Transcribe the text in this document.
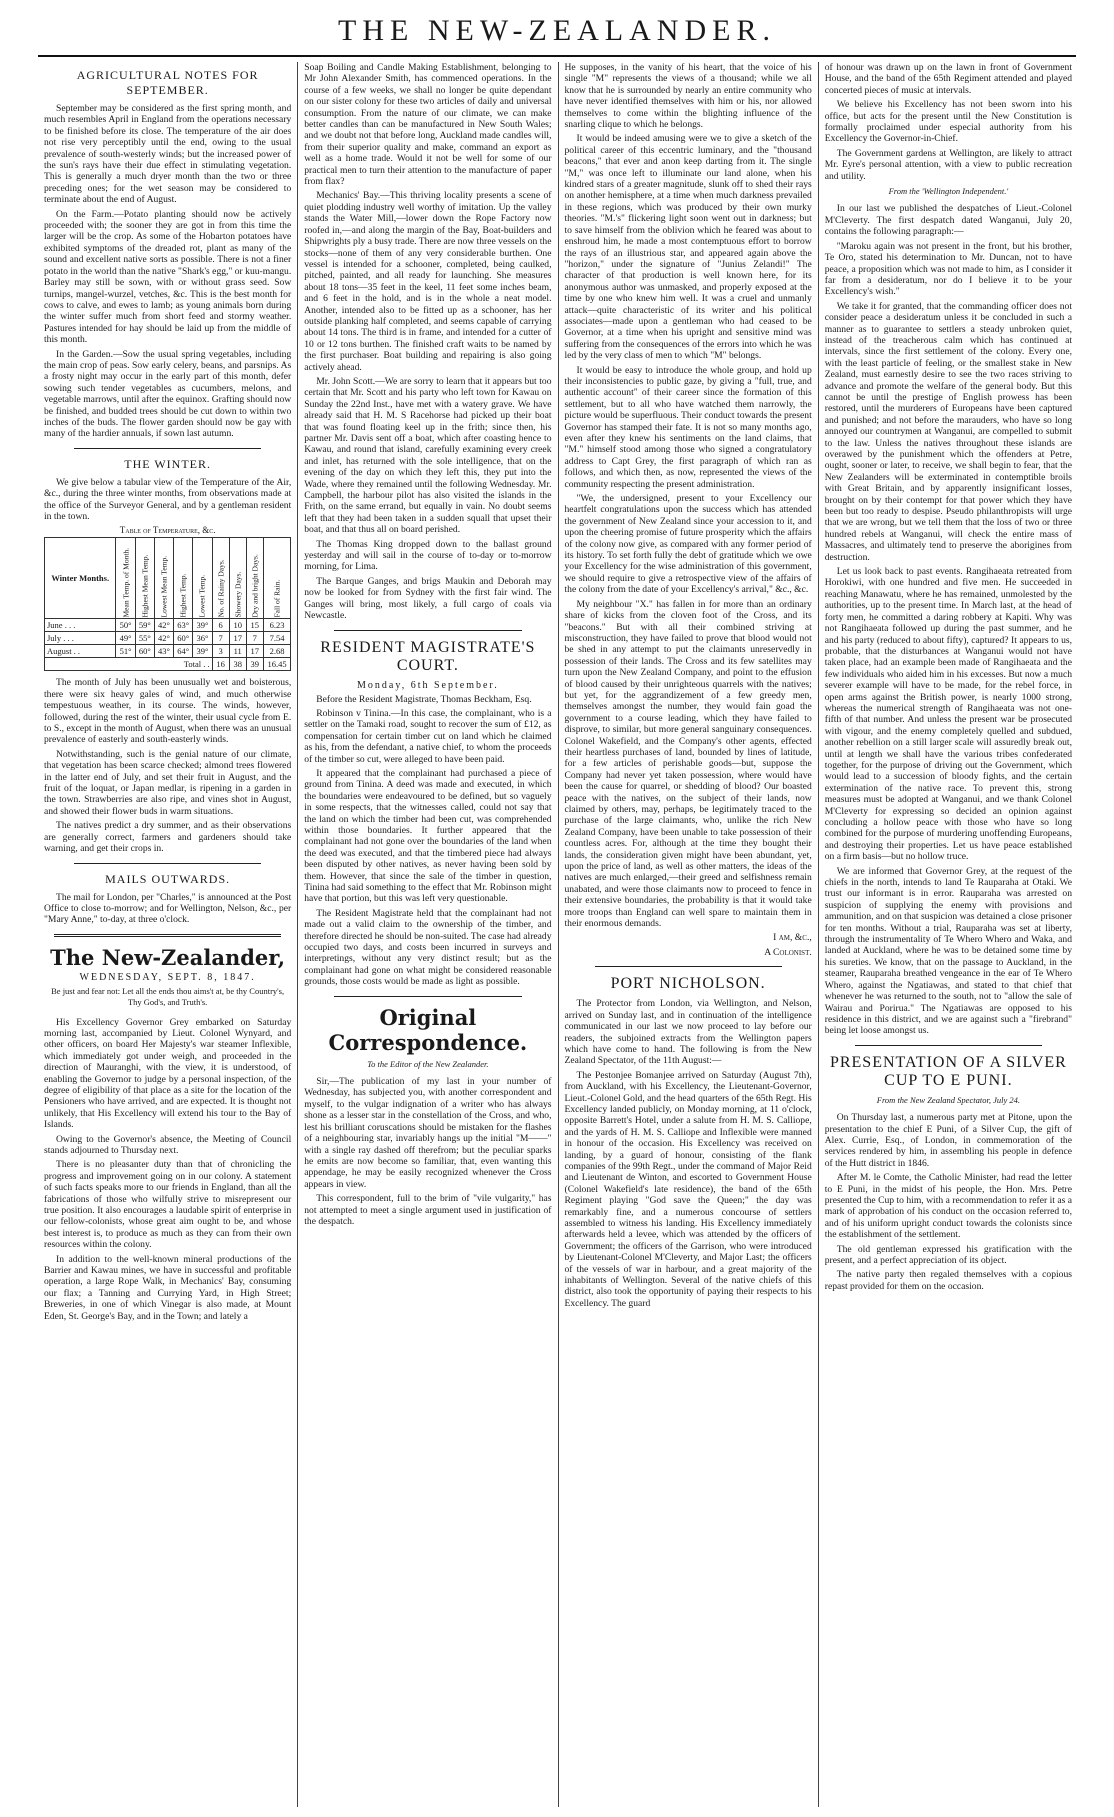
THE NEW-ZEALANDER.
AGRICULTURAL NOTES FOR SEPTEMBER.

September may be considered as the first spring month, and much resembles April in England from the operations necessary to be finished before its close. The temperature of the air does not rise very perceptibly until the end, owing to the usual prevalence of south-westerly winds; but the increased power of the sun's rays have their due effect in stimulating vegetation. This is generally a much dryer month than the two or three preceding ones; for the wet season may be considered to terminate about the end of August.

On the Farm.—Potato planting should now be actively proceeded with; the sooner they are got in from this time the larger will be the crop. As some of the Hobarton potatoes have exhibited symptoms of the dreaded rot, plant as many of the sound and excellent native sorts as possible. There is not a finer potato in the world than the native "Shark's egg," or kuu-mangu. Barley may still be sown, with or without grass seed. Sow turnips, mangel-wurzel, vetches, &c. This is the best month for cows to calve, and ewes to lamb; as young animals born during the winter suffer much from short feed and stormy weather. Pastures intended for hay should be laid up from the middle of this month.

In the Garden.—Sow the usual spring vegetables, including the main crop of peas. Sow early celery, beans, and parsnips. As a frosty night may occur in the early part of this month, defer sowing such tender vegetables as cucumbers, melons, and vegetable marrows, until after the equinox. Grafting should now be finished, and budded trees should be cut down to within two inches of the buds. The flower garden should now be gay with many of the hardier annuals, if sown last autumn.

THE WINTER.

We give below a tabular view of the Temperature of the Air, &c., during the three winter months, from observations made at the office of the Surveyor General, and by a gentleman resident in the town.

Table of Temperature, &c.
Winter Months.	Mean Temp. of Month.	Highest Mean Temp.	Lowest Mean Temp.	Highest Temp.	Lowest Temp.	No. of Rainy Days.	Showery Days.	Dry and bright Days.	Fall of Rain.
June . . .	50°	59°	42°	63°	39°	6	10	15	6.23
July . . .	49°	55°	42°	60°	36°	7	17	7	7.54
August . .	51°	60°	43°	64°	39°	3	11	17	2.68
Total . .						16	38	39	16.45

The month of July has been unusually wet and boisterous, there were six heavy gales of wind, and much otherwise tempestuous weather, in its course. The winds, however, followed, during the rest of the winter, their usual cycle from E. to S., except in the month of August, when there was an unusual prevalence of easterly and south-easterly winds.

Notwithstanding, such is the genial nature of our climate, that vegetation has been scarce checked; almond trees flowered in the latter end of July, and set their fruit in August, and the fruit of the loquat, or Japan medlar, is ripening in a garden in the town. Strawberries are also ripe, and vines shot in August, and showed their flower buds in warm situations.

The natives predict a dry summer, and as their observations are generally correct, farmers and gardeners should take warning, and get their crops in.

MAILS OUTWARDS.

The mail for London, per "Charles," is announced at the Post Office to close to-morrow; and for Wellington, Nelson, &c., per "Mary Anne," to-day, at three o'clock.

The New-Zealander,
WEDNESDAY, SEPT. 8, 1847.

Be just and fear not: Let all the ends thou aims't at, be thy Country's, Thy God's, and Truth's.

His Excellency Governor Grey embarked on Saturday morning last, accompanied by Lieut. Colonel Wynyard, and other officers, on board Her Majesty's war steamer Inflexible, which immediately got under weigh, and proceeded in the direction of Mauranghi, with the view, it is understood, of enabling the Governor to judge by a personal inspection, of the degree of eligibility of that place as a site for the location of the Pensioners who have arrived, and are expected. It is thought not unlikely, that His Excellency will extend his tour to the Bay of Islands.

Owing to the Governor's absence, the Meeting of Council stands adjourned to Thursday next.

There is no pleasanter duty than that of chronicling the progress and improvement going on in our colony. A statement of such facts speaks more to our friends in England, than all the fabrications of those who wilfully strive to misrepresent our true position. It also encourages a laudable spirit of enterprise in our fellow-colonists, whose great aim ought to be, and whose best interest is, to produce as much as they can from their own resources within the colony.

In addition to the well-known mineral productions of the Barrier and Kawau mines, we have in successful and profitable operation, a large Rope Walk, in Mechanics' Bay, consuming our flax; a Tanning and Currying Yard, in High Street; Breweries, in one of which Vinegar is also made, at Mount Eden, St. George's Bay, and in the Town; and lately a

Soap Boiling and Candle Making Establishment, belonging to Mr John Alexander Smith, has commenced operations. In the course of a few weeks, we shall no longer be quite dependant on our sister colony for these two articles of daily and universal consumption. From the nature of our climate, we can make better candles than can be manufactured in New South Wales; and we doubt not that before long, Auckland made candles will, from their superior quality and make, command an export as well as a home trade. Would it not be well for some of our practical men to turn their attention to the manufacture of paper from flax?

Mechanics' Bay.—This thriving locality presents a scene of quiet plodding industry well worthy of imitation. Up the valley stands the Water Mill,—lower down the Rope Factory now roofed in,—and along the margin of the Bay, Boat-builders and Shipwrights ply a busy trade. There are now three vessels on the stocks—none of them of any very considerable burthen. One vessel is intended for a schooner, completed, being caulked, pitched, painted, and all ready for launching. She measures about 18 tons—35 feet in the keel, 11 feet some inches beam, and 6 feet in the hold, and is in the whole a neat model. Another, intended also to be fitted up as a schooner, has her outside planking half completed, and seems capable of carrying about 14 tons. The third is in frame, and intended for a cutter of 10 or 12 tons burthen. The finished craft waits to be named by the first purchaser. Boat building and repairing is also going actively ahead.

Mr. John Scott.—We are sorry to learn that it appears but too certain that Mr. Scott and his party who left town for Kawau on Sunday the 22nd Inst., have met with a watery grave. We have already said that H. M. S Racehorse had picked up their boat that was found floating keel up in the frith; since then, his partner Mr. Davis sent off a boat, which after coasting hence to Kawau, and round that island, carefully examining every creek and inlet, has returned with the sole intelligence, that on the evening of the day on which they left this, they put into the Wade, where they remained until the following Wednesday. Mr. Campbell, the harbour pilot has also visited the islands in the Frith, on the same errand, but equally in vain. No doubt seems left that they had been taken in a sudden squall that upset their boat, and that thus all on board perished.

The Thomas King dropped down to the ballast ground yesterday and will sail in the course of to-day or to-morrow morning, for Lima.

The Barque Ganges, and brigs Maukin and Deborah may now be looked for from Sydney with the first fair wind. The Ganges will bring, most likely, a full cargo of coals via Newcastle.

RESIDENT MAGISTRATE'S COURT.
Monday, 6th September.

Before the Resident Magistrate, Thomas Beckham, Esq.

Robinson v Tinina.—In this case, the complainant, who is a settler on the Tamaki road, sought to recover the sum of £12, as compensation for certain timber cut on land which he claimed as his, from the defendant, a native chief, to whom the proceeds of the timber so cut, were alleged to have been paid.

It appeared that the complainant had purchased a piece of ground from Tinina. A deed was made and executed, in which the boundaries were endeavoured to be defined, but so vaguely in some respects, that the witnesses called, could not say that the land on which the timber had been cut, was comprehended within those boundaries. It further appeared that the complainant had not gone over the boundaries of the land when the deed was executed, and that the timbered piece had always been disputed by other natives, as never having been sold by them. However, that since the sale of the timber in question, Tinina had said something to the effect that Mr. Robinson might have that portion, but this was left very questionable.

The Resident Magistrate held that the complainant had not made out a valid claim to the ownership of the timber, and therefore directed he should be non-suited. The case had already occupied two days, and costs been incurred in surveys and interpretings, without any very distinct result; but as the complainant had gone on what might be considered reasonable grounds, those costs would be made as light as possible.

Original Correspondence.

To the Editor of the New Zealander.

Sir,—The publication of my last in your number of Wednesday, has subjected you, with another correspondent and myself, to the vulgar indignation of a writer who has always shone as a lesser star in the constellation of the Cross, and who, lest his brilliant coruscations should be mistaken for the flashes of a neighbouring star, invariably hangs up the initial "M——" with a single ray dashed off therefrom; but the peculiar sparks he emits are now become so familiar, that, even wanting this appendage, he may be easily recognized whenever the Cross appears in view.

This correspondent, full to the brim of "vile vulgarity," has not attempted to meet a single argument used in justification of the despatch.

He supposes, in the vanity of his heart, that the voice of his single "M" represents the views of a thousand; while we all know that he is surrounded by nearly an entire community who have never identified themselves with him or his, nor allowed themselves to come within the blighting influence of the snarling clique to which he belongs.

It would be indeed amusing were we to give a sketch of the political career of this eccentric luminary, and the "thousand beacons," that ever and anon keep darting from it. The single "M," was once left to illuminate our land alone, when his kindred stars of a greater magnitude, slunk off to shed their rays on another hemisphere, at a time when much darkness prevailed in these regions, which was produced by their own murky theories. "M.'s" flickering light soon went out in darkness; but to save himself from the oblivion which he feared was about to enshroud him, he made a most contemptuous effort to borrow the rays of an illustrious star, and appeared again above the "horizon," under the signature of "Junius Zelandi!" The character of that production is well known here, for its anonymous author was unmasked, and properly exposed at the time by one who knew him well. It was a cruel and unmanly attack—quite characteristic of its writer and his political associates—made upon a gentleman who had ceased to be Governor, at a time when his upright and sensitive mind was suffering from the consequences of the errors into which he was led by the very class of men to which "M" belongs.

It would be easy to introduce the whole group, and hold up their inconsistencies to public gaze, by giving a "full, true, and authentic account" of their career since the formation of this settlement, but to all who have watched them narrowly, the picture would be superfluous. Their conduct towards the present Governor has stamped their fate. It is not so many months ago, even after they knew his sentiments on the land claims, that "M." himself stood among those who signed a congratulatory address to Capt Grey, the first paragraph of which ran as follows, and which then, as now, represented the views of the community respecting the present administration.

"We, the undersigned, present to your Excellency our heartfelt congratulations upon the success which has attended the government of New Zealand since your accession to it, and upon the cheering promise of future prosperity which the affairs of the colony now give, as compared with any former period of its history. To set forth fully the debt of gratitude which we owe your Excellency for the wise administration of this government, we should require to give a retrospective view of the affairs of the colony from the date of your Excellency's arrival," &c., &c.

My neighbour "X." has fallen in for more than an ordinary share of kicks from the cloven foot of the Cross, and its "beacons." But with all their combined striving at misconstruction, they have failed to prove that blood would not be shed in any attempt to put the claimants unreservedly in possession of their lands. The Cross and its few satellites may turn upon the New Zealand Company, and point to the effusion of blood caused by their unrighteous quarrels with the natives; but yet, for the aggrandizement of a few greedy men, themselves amongst the number, they would fain goad the government to a course leading, which they have failed to disprove, to similar, but more general sanguinary consequences. Colonel Wakefield, and the Company's other agents, effected their heartless purchases of land, bounded by lines of latitude, for a few articles of perishable goods—but, suppose the Company had never yet taken possession, where would have been the cause for quarrel, or shedding of blood? Our boasted peace with the natives, on the subject of their lands, now claimed by others, may, perhaps, be legitimately traced to the purchase of the large claimants, who, unlike the rich New Zealand Company, have been unable to take possession of their countless acres. For, although at the time they bought their lands, the consideration given might have been abundant, yet, upon the price of land, as well as other matters, the ideas of the natives are much enlarged,—their greed and selfishness remain unabated, and were those claimants now to proceed to fence in their extensive boundaries, the probability is that it would take more troops than England can well spare to maintain them in their enormous demands.

I am, &c.,

A Colonist.

PORT NICHOLSON.

The Protector from London, via Wellington, and Nelson, arrived on Sunday last, and in continuation of the intelligence communicated in our last we now proceed to lay before our readers, the subjoined extracts from the Wellington papers which have come to hand. The following is from the New Zealand Spectator, of the 11th August:—

The Pestonjee Bomanjee arrived on Saturday (August 7th), from Auckland, with his Excellency, the Lieutenant-Governor, Lieut.-Colonel Gold, and the head quarters of the 65th Regt. His Excellency landed publicly, on Monday morning, at 11 o'clock, opposite Barrett's Hotel, under a salute from H. M. S. Calliope, and the yards of H. M. S. Calliope and Inflexible were manned in honour of the occasion. His Excellency was received on landing, by a guard of honour, consisting of the flank companies of the 99th Regt., under the command of Major Reid and Lieutenant de Winton, and escorted to Government House (Colonel Wakefield's late residence), the band of the 65th Regiment playing "God save the Queen;" the day was remarkably fine, and a numerous concourse of settlers assembled to witness his landing. His Excellency immediately afterwards held a levee, which was attended by the officers of Government; the officers of the Garrison, who were introduced by Lieutenant-Colonel M'Cleverty, and Major Last; the officers of the vessels of war in harbour, and a great majority of the inhabitants of Wellington. Several of the native chiefs of this district, also took the opportunity of paying their respects to his Excellency. The guard

of honour was drawn up on the lawn in front of Government House, and the band of the 65th Regiment attended and played concerted pieces of music at intervals.

We believe his Excellency has not been sworn into his office, but acts for the present until the New Constitution is formally proclaimed under especial authority from his Excellency the Governor-in-Chief.

The Government gardens at Wellington, are likely to attract Mr. Eyre's personal attention, with a view to public recreation and utility.

From the 'Wellington Independent.'

In our last we published the despatches of Lieut.-Colonel M'Cleverty. The first despatch dated Wanganui, July 20, contains the following paragraph:—

"Maroku again was not present in the front, but his brother, Te Oro, stated his determination to Mr. Duncan, not to have peace, a proposition which was not made to him, as I consider it far from a desideratum, nor do I believe it to be your Excellency's wish."

We take it for granted, that the commanding officer does not consider peace a desideratum unless it be concluded in such a manner as to guarantee to settlers a steady unbroken quiet, instead of the treacherous calm which has continued at intervals, since the first settlement of the colony. Every one, with the least particle of feeling, or the smallest stake in New Zealand, must earnestly desire to see the two races striving to advance and promote the welfare of the general body. But this cannot be until the prestige of English prowess has been restored, until the murderers of Europeans have been captured and punished; and not before the marauders, who have so long annoyed our countrymen at Wanganui, are compelled to submit to the law. Unless the natives throughout these islands are overawed by the punishment which the offenders at Petre, ought, sooner or later, to receive, we shall begin to fear, that the New Zealanders will be exterminated in contemptible broils with Great Britain, and by apparently insignificant losses, brought on by their contempt for that power which they have been but too ready to despise. Pseudo philanthropists will urge that we are wrong, but we tell them that the loss of two or three hundred rebels at Wanganui, will check the entire mass of Massacres, and ultimately tend to preserve the aborigines from destruction.

Let us look back to past events. Rangihaeata retreated from Horokiwi, with one hundred and five men. He succeeded in reaching Manawatu, where he has remained, unmolested by the authorities, up to the present time. In March last, at the head of forty men, he committed a daring robbery at Kapiti. Why was not Rangihaeata followed up during the past summer, and he and his party (reduced to about fifty), captured? It appears to us, probable, that the disturbances at Wanganui would not have taken place, had an example been made of Rangihaeata and the few individuals who aided him in his excesses. But now a much severer example will have to be made, for the rebel force, in open arms against the British power, is nearly 1000 strong, whereas the numerical strength of Rangihaeata was not one-fifth of that number. And unless the present war be prosecuted with vigour, and the enemy completely quelled and subdued, another rebellion on a still larger scale will assuredly break out, until at length we shall have the various tribes confederated together, for the purpose of driving out the Government, which would lead to a succession of bloody fights, and the certain extermination of the native race. To prevent this, strong measures must be adopted at Wanganui, and we thank Colonel M'Cleverty for expressing so decided an opinion against concluding a hollow peace with those who have so long combined for the purpose of murdering unoffending Europeans, and destroying their properties. Let us have peace established on a firm basis—but no hollow truce.

We are informed that Governor Grey, at the request of the chiefs in the north, intends to land Te Rauparaha at Otaki. We trust our informant is in error. Rauparaha was arrested on suspicion of supplying the enemy with provisions and ammunition, and on that suspicion was detained a close prisoner for ten months. Without a trial, Rauparaha was set at liberty, through the instrumentality of Te Whero Whero and Waka, and landed at Auckland, where he was to be detained some time by his sureties. We know, that on the passage to Auckland, in the steamer, Rauparaha breathed vengeance in the ear of Te Whero Whero, against the Ngatiawas, and stated to that chief that whenever he was returned to the south, not to "allow the sale of Wairau and Porirua." The Ngatiawas are opposed to his residence in this district, and we are against such a "firebrand" being let loose amongst us.

PRESENTATION OF A SILVER CUP TO E PUNI.

From the New Zealand Spectator, July 24.

On Thursday last, a numerous party met at Pitone, upon the presentation to the chief E Puni, of a Silver Cup, the gift of Alex. Currie, Esq., of London, in commemoration of the services rendered by him, in assembling his people in defence of the Hutt district in 1846.

After M. le Comte, the Catholic Minister, had read the letter to E Puni, in the midst of his people, the Hon. Mrs. Petre presented the Cup to him, with a recommendation to refer it as a mark of approbation of his conduct on the occasion referred to, and of his uniform upright conduct towards the colonists since the establishment of the settlement.

The old gentleman expressed his gratification with the present, and a perfect appreciation of its object.

The native party then regaled themselves with a copious repast provided for them on the occasion.
